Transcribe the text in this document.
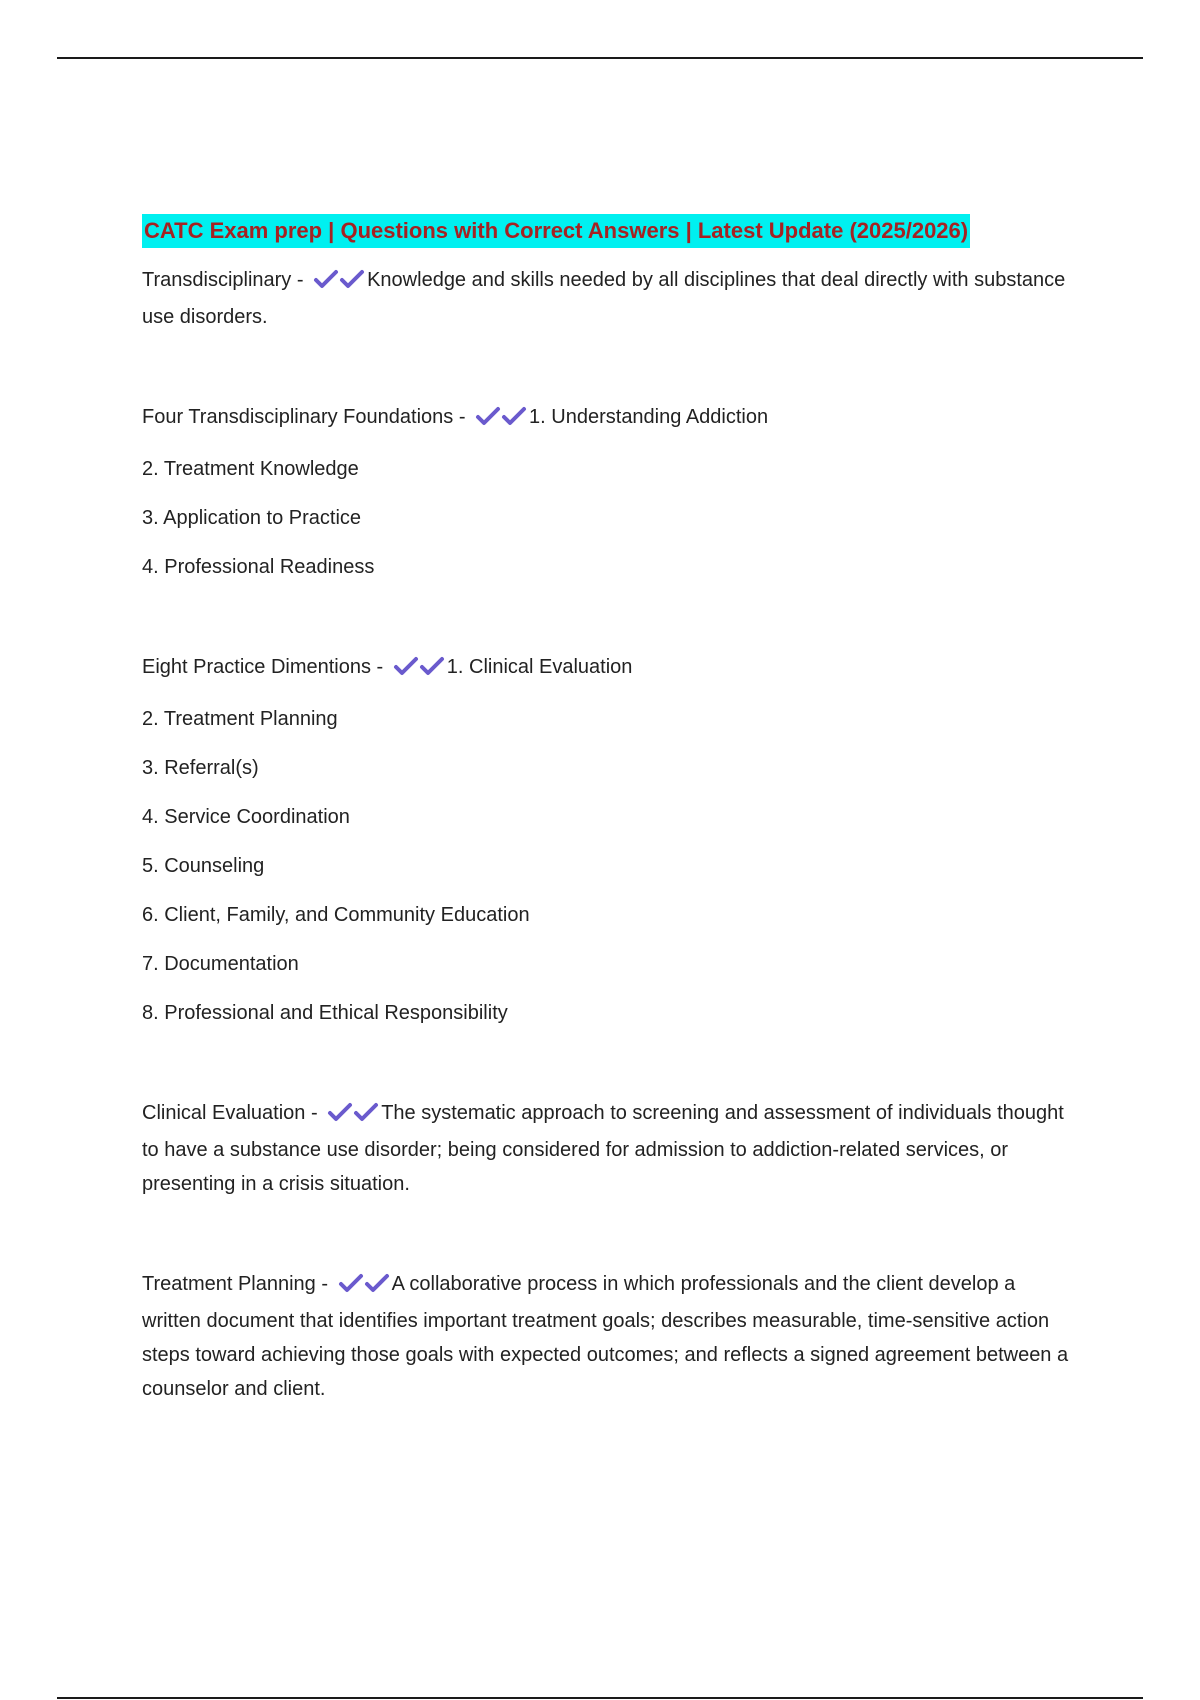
CATC Exam prep | Questions with Correct Answers | Latest Update (2025/2026)

Transdisciplinary -	Knowledge and skills needed by all disciplines that deal directly with substance use disorders.

Four Transdisciplinary Foundations -	1. Understanding Addiction

2. Treatment Knowledge

3. Application to Practice

4. Professional Readiness

Eight Practice Dimentions -	1. Clinical Evaluation

2. Treatment Planning

3. Referral(s)

4. Service Coordination

5. Counseling

6. Client, Family, and Community Education

7. Documentation

8. Professional and Ethical Responsibility

Clinical Evaluation -	The systematic approach to screening and assessment of individuals thought to have a substance use disorder; being considered for admission to addiction-related services, or presenting in a crisis situation.

Treatment Planning -	A collaborative process in which professionals and the client develop a written document that identifies important treatment goals; describes measurable, time-sensitive action steps toward achieving those goals with expected outcomes; and reflects a signed agreement between a counselor and client.
